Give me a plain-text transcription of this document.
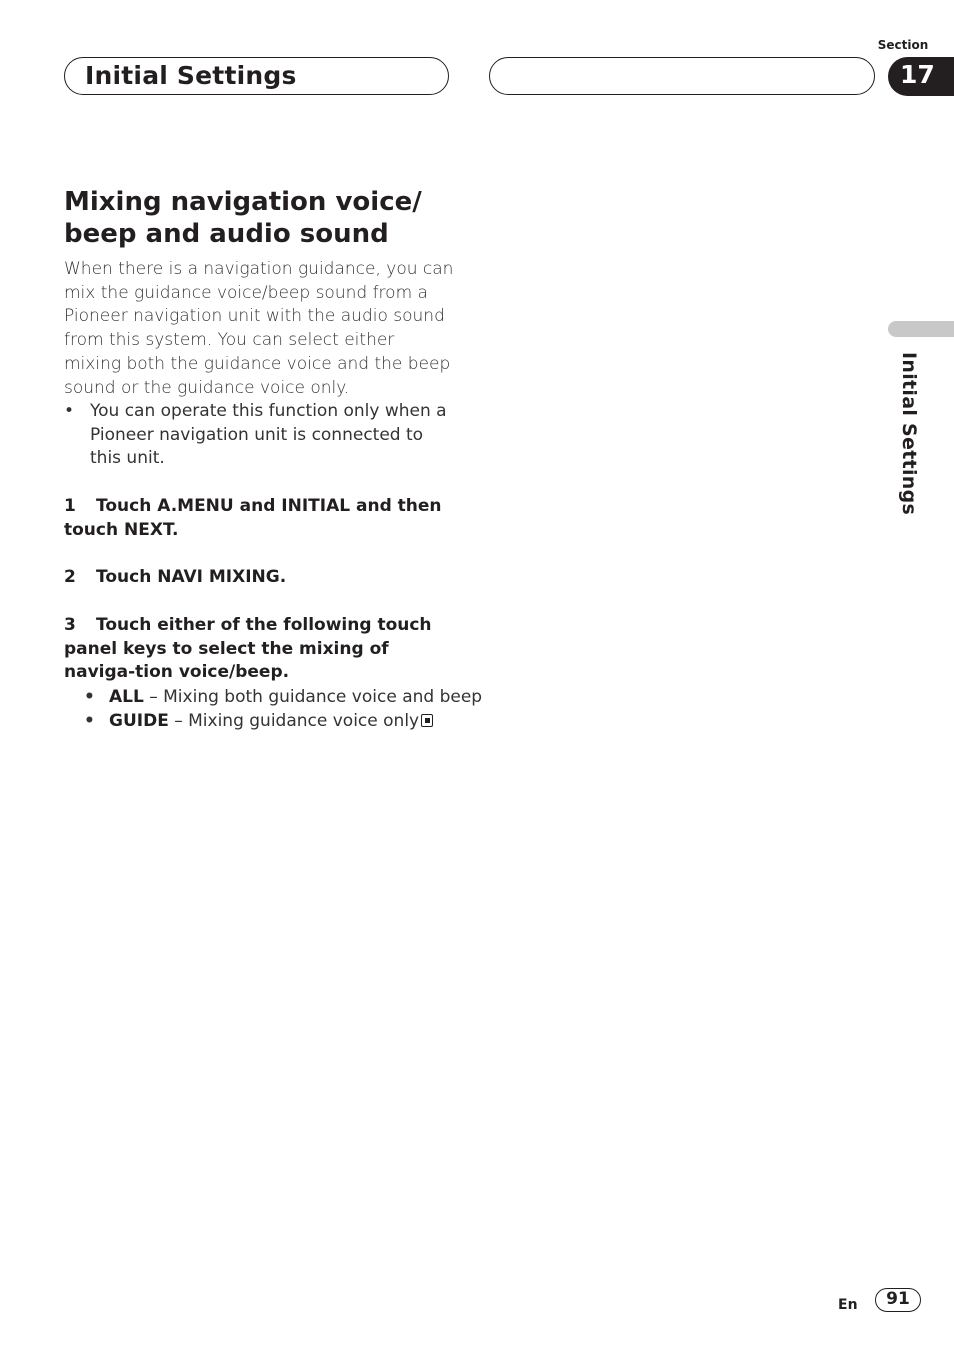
Initial Settings
Section
17
Initial Settings
Mixing navigation voice/ beep and audio sound

When there is a navigation guidance, you can mix the guidance voice/beep sound from a Pioneer navigation unit with the audio sound from this system. You can select either mixing both the guidance voice and the beep sound or the guidance voice only.

• You can operate this function only when a Pioneer navigation unit is connected to this unit.

1 Touch A.MENU and INITIAL and then touch NEXT.

2 Touch NAVI MIXING.

3 Touch either of the following touch panel keys to select the mixing of naviga-tion voice/beep.

• ALL – Mixing both guidance voice and beep
• GUIDE – Mixing guidance voice only
En	91
